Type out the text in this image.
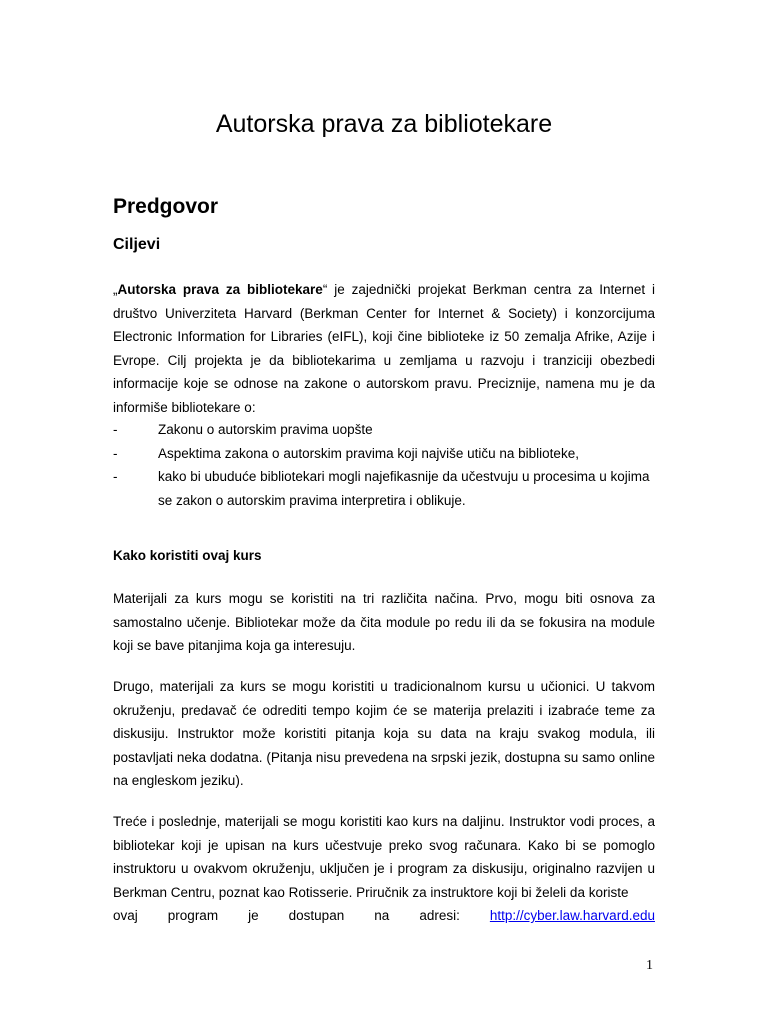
Autorska prava za bibliotekare
Predgovor
Ciljevi

„Autorska prava za bibliotekare“ je zajednički projekat Berkman centra za Internet i društvo Univerziteta Harvard (Berkman Center for Internet & Society) i konzorcijuma Electronic Information for Libraries (eIFL), koji čine biblioteke iz 50 zemalja Afrike, Azije i Evrope. Cilj projekta je da bibliotekarima u zemljama u razvoju i tranziciji obezbedi informacije koje se odnose na zakone o autorskom pravu. Preciznije, namena mu je da informiše bibliotekare o:

-	Zakonu o autorskim pravima uopšte
-	Aspektima zakona o autorskim pravima koji najviše utiču na biblioteke,
-	kako bi ubuduće bibliotekari mogli najefikasnije da učestvuju u procesima u kojima se zakon o autorskim pravima interpretira i oblikuje.
Kako koristiti ovaj kurs

Materijali za kurs mogu se koristiti na tri različita načina. Prvo, mogu biti osnova za samostalno učenje. Bibliotekar može da čita module po redu ili da se fokusira na module koji se bave pitanjima koja ga interesuju.

Drugo, materijali za kurs se mogu koristiti u tradicionalnom kursu u učionici. U takvom okruženju, predavač će odrediti tempo kojim će se materija prelaziti i izabraće teme za diskusiju. Instruktor može koristiti pitanja koja su data na kraju svakog modula, ili postavljati neka dodatna. (Pitanja nisu prevedena na srpski jezik, dostupna su samo online na engleskom jeziku).

Treće i poslednje, materijali se mogu koristiti kao kurs na daljinu. Instruktor vodi proces, a bibliotekar koji je upisan na kurs učestvuje preko svog računara. Kako bi se pomoglo instruktoru u ovakvom okruženju, uključen je i program za diskusiju, originalno razvijen u Berkman Centru, poznat kao Rotisserie. Priručnik za instruktore koji bi želeli da koriste
ovaj program je dostupan na adresi: http://cyber.law.harvard.edu
1
